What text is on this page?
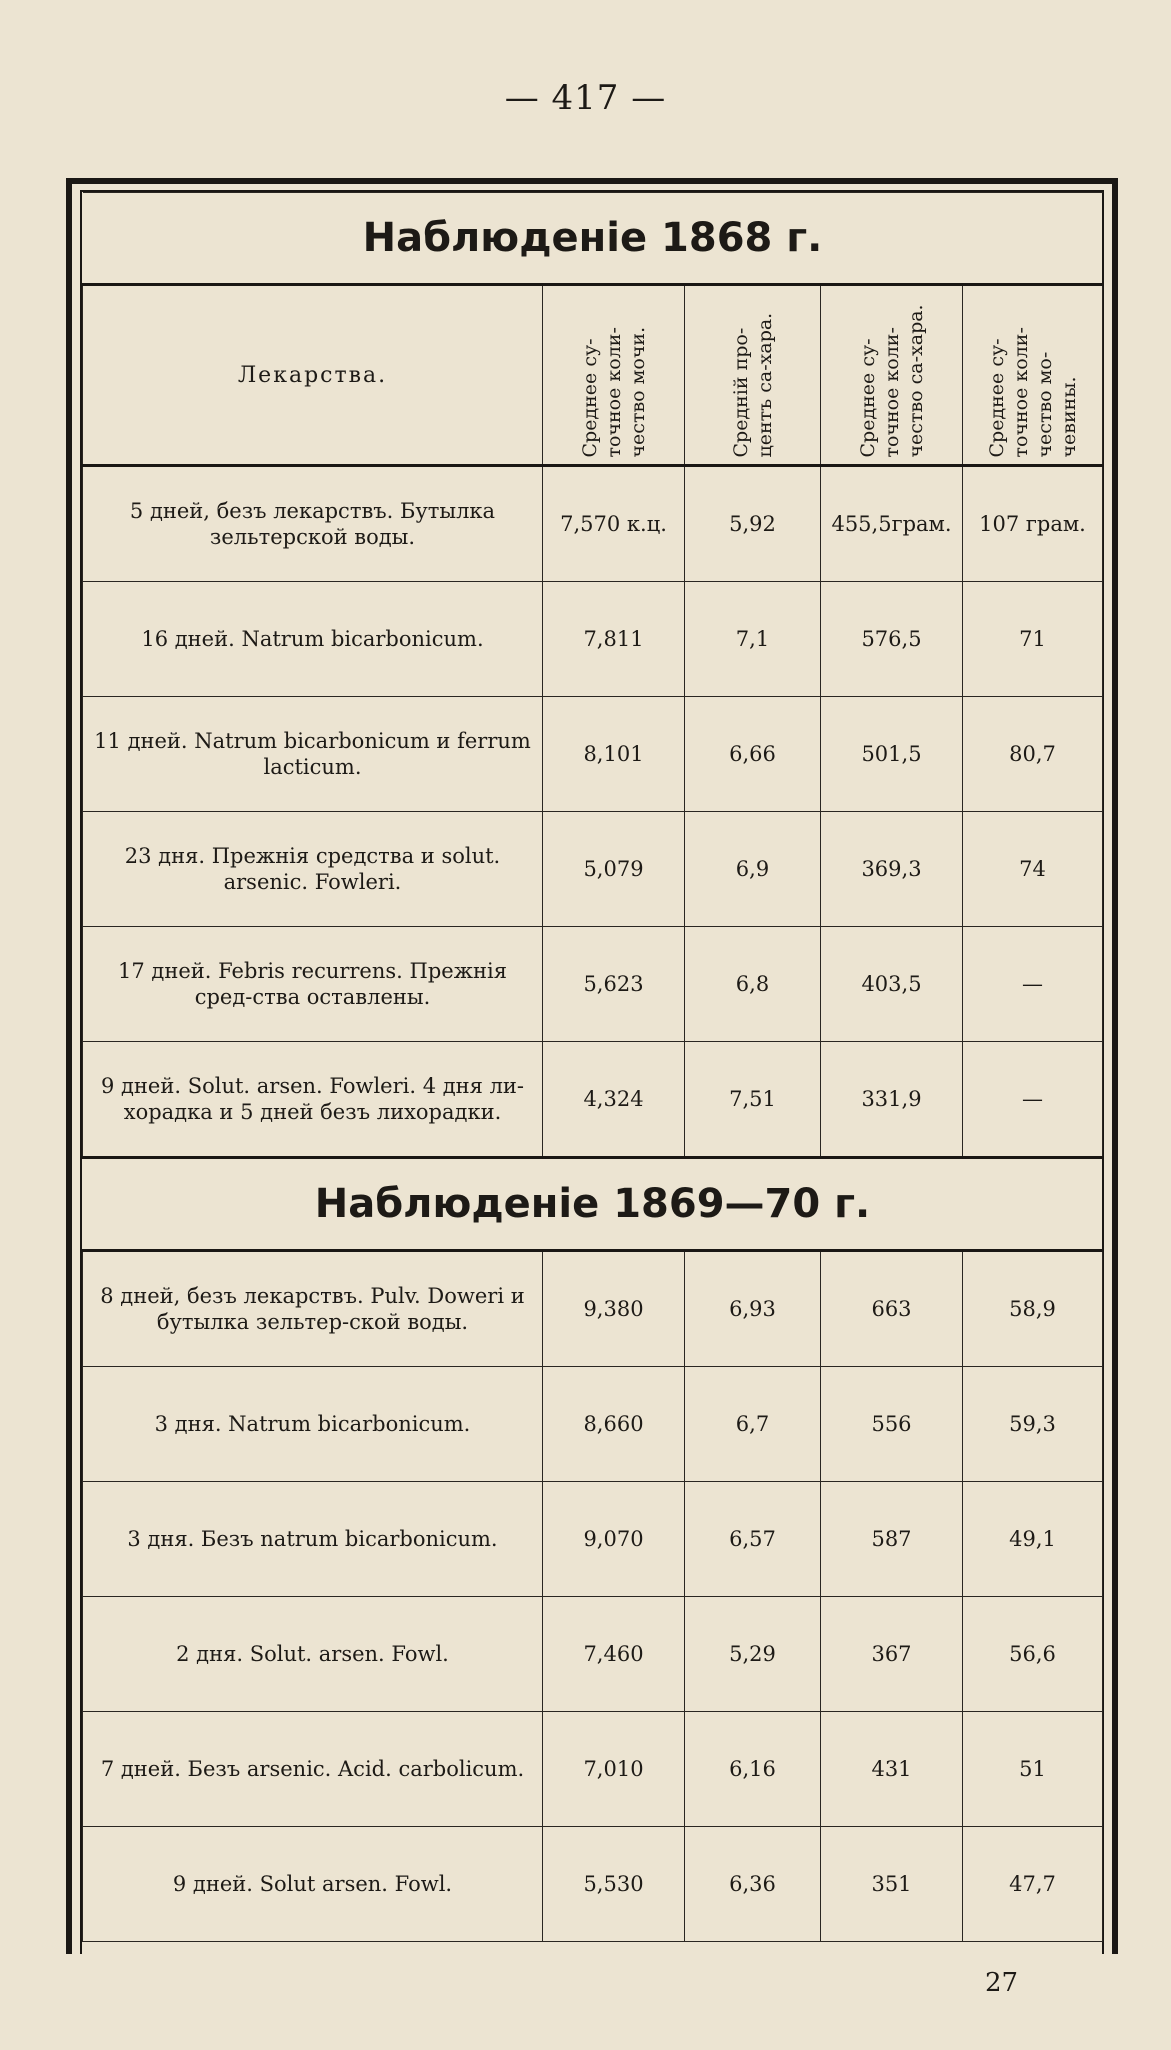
— 417 —
Наблюденiе 1868 г.				
Лекарства.	Среднее су-точное коли-чество мочи.	Среднiй про-центъ са-хара.	Среднее су-точное коли-чество са-хара.	Среднее су-точное коли-чество мо-чевины.

5 дней, безъ лекарствъ. Бутылка зельтерской воды.	7,570 к.ц.	5,92	455,5грам.	107 грам.
16 дней. Natrum bicarbonicum.	7,811	7,1	576,5	71
11 дней. Natrum bicarbonicum и ferrum lacticum.	8,101	6,66	501,5	80,7
23 дня. Прежнiя средства и solut. arsenic. Fowleri.	5,079	6,9	369,3	74
17 дней. Febris recurrens. Прежнiя сред-ства оставлены.	5,623	6,8	403,5	—
9 дней. Solut. arsen. Fowleri. 4 дня ли-хорадка и 5 дней безъ лихорадки.	4,324	7,51	331,9	—
Наблюденiе 1869—70 г.				
8 дней, безъ лекарствъ. Pulv. Doweri и бутылка зельтер-ской воды.	9,380	6,93	663	58,9
3 дня. Natrum bicarbonicum.	8,660	6,7	556	59,3
3 дня. Безъ natrum bicarbonicum.	9,070	6,57	587	49,1
2 дня. Solut. arsen. Fowl.	7,460	5,29	367	56,6
7 дней. Безъ arsenic. Acid. carbolicum.	7,010	6,16	431	51
9 дней. Solut arsen. Fowl.	5,530	6,36	351	47,7
27
